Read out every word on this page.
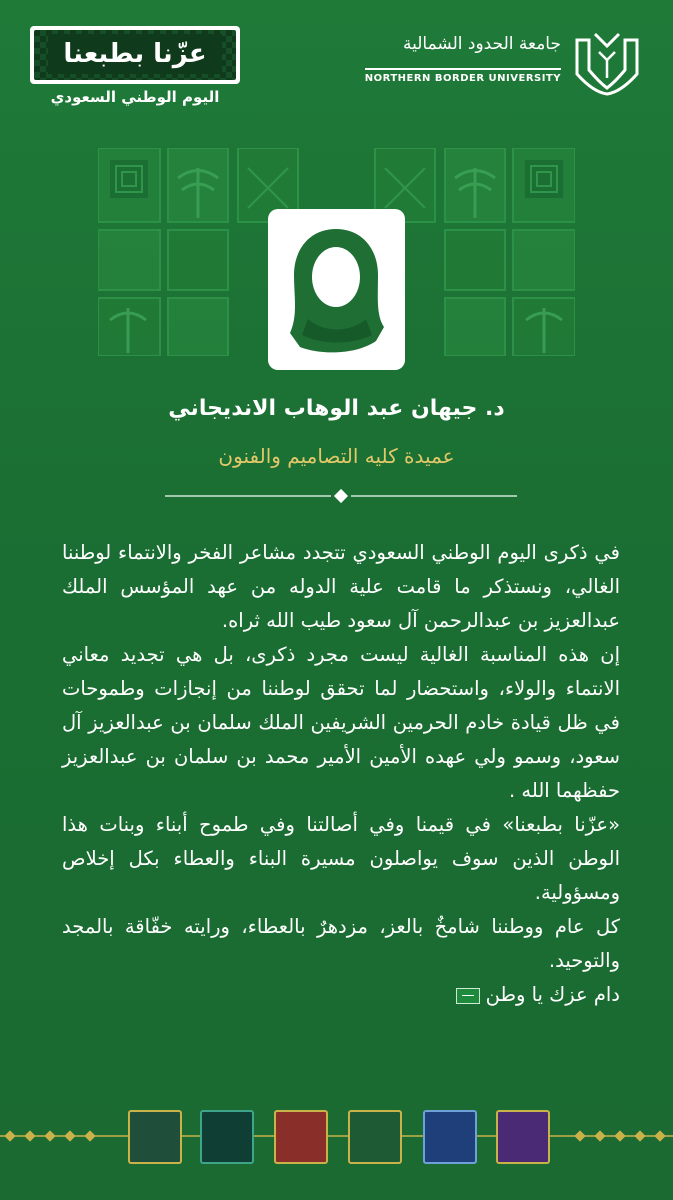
عزّنا بطبعنا
اليوم الوطني السعودي
جامعة الحدود الشمالية
NORTHERN BORDER UNIVERSITY
د. جيهان عبد الوهاب الانديجاني
عميدة كليه التصاميم والفنون

في ذكرى اليوم الوطني السعودي تتجدد مشاعر الفخر والانتماء لوطننا الغالي، ونستذكر ما قامت علية الدوله من عهد المؤسس الملك عبدالعزيز بن عبدالرحمن آل سعود طيب الله ثراه.

إن هذه المناسبة الغالية ليست مجرد ذكرى، بل هي تجديد معاني الانتماء والولاء، واستحضار لما تحقق لوطننا من إنجازات وطموحات في ظل قيادة خادم الحرمين الشريفين الملك سلمان بن عبدالعزيز آل سعود، وسمو ولي عهده الأمين الأمير محمد بن سلمان بن عبدالعزيز حفظهما الله .

«عزّنا بطبعنا» في قيمنا وفي أصالتنا وفي طموح أبناء وبنات هذا الوطن الذين سوف يواصلون مسيرة البناء والعطاء بكل إخلاص ومسؤولية.

كل عام ووطننا شامخٌ بالعز، مزدهرٌ بالعطاء، ورايته خفّاقة بالمجد والتوحيد.

دام عزك يا وطن
